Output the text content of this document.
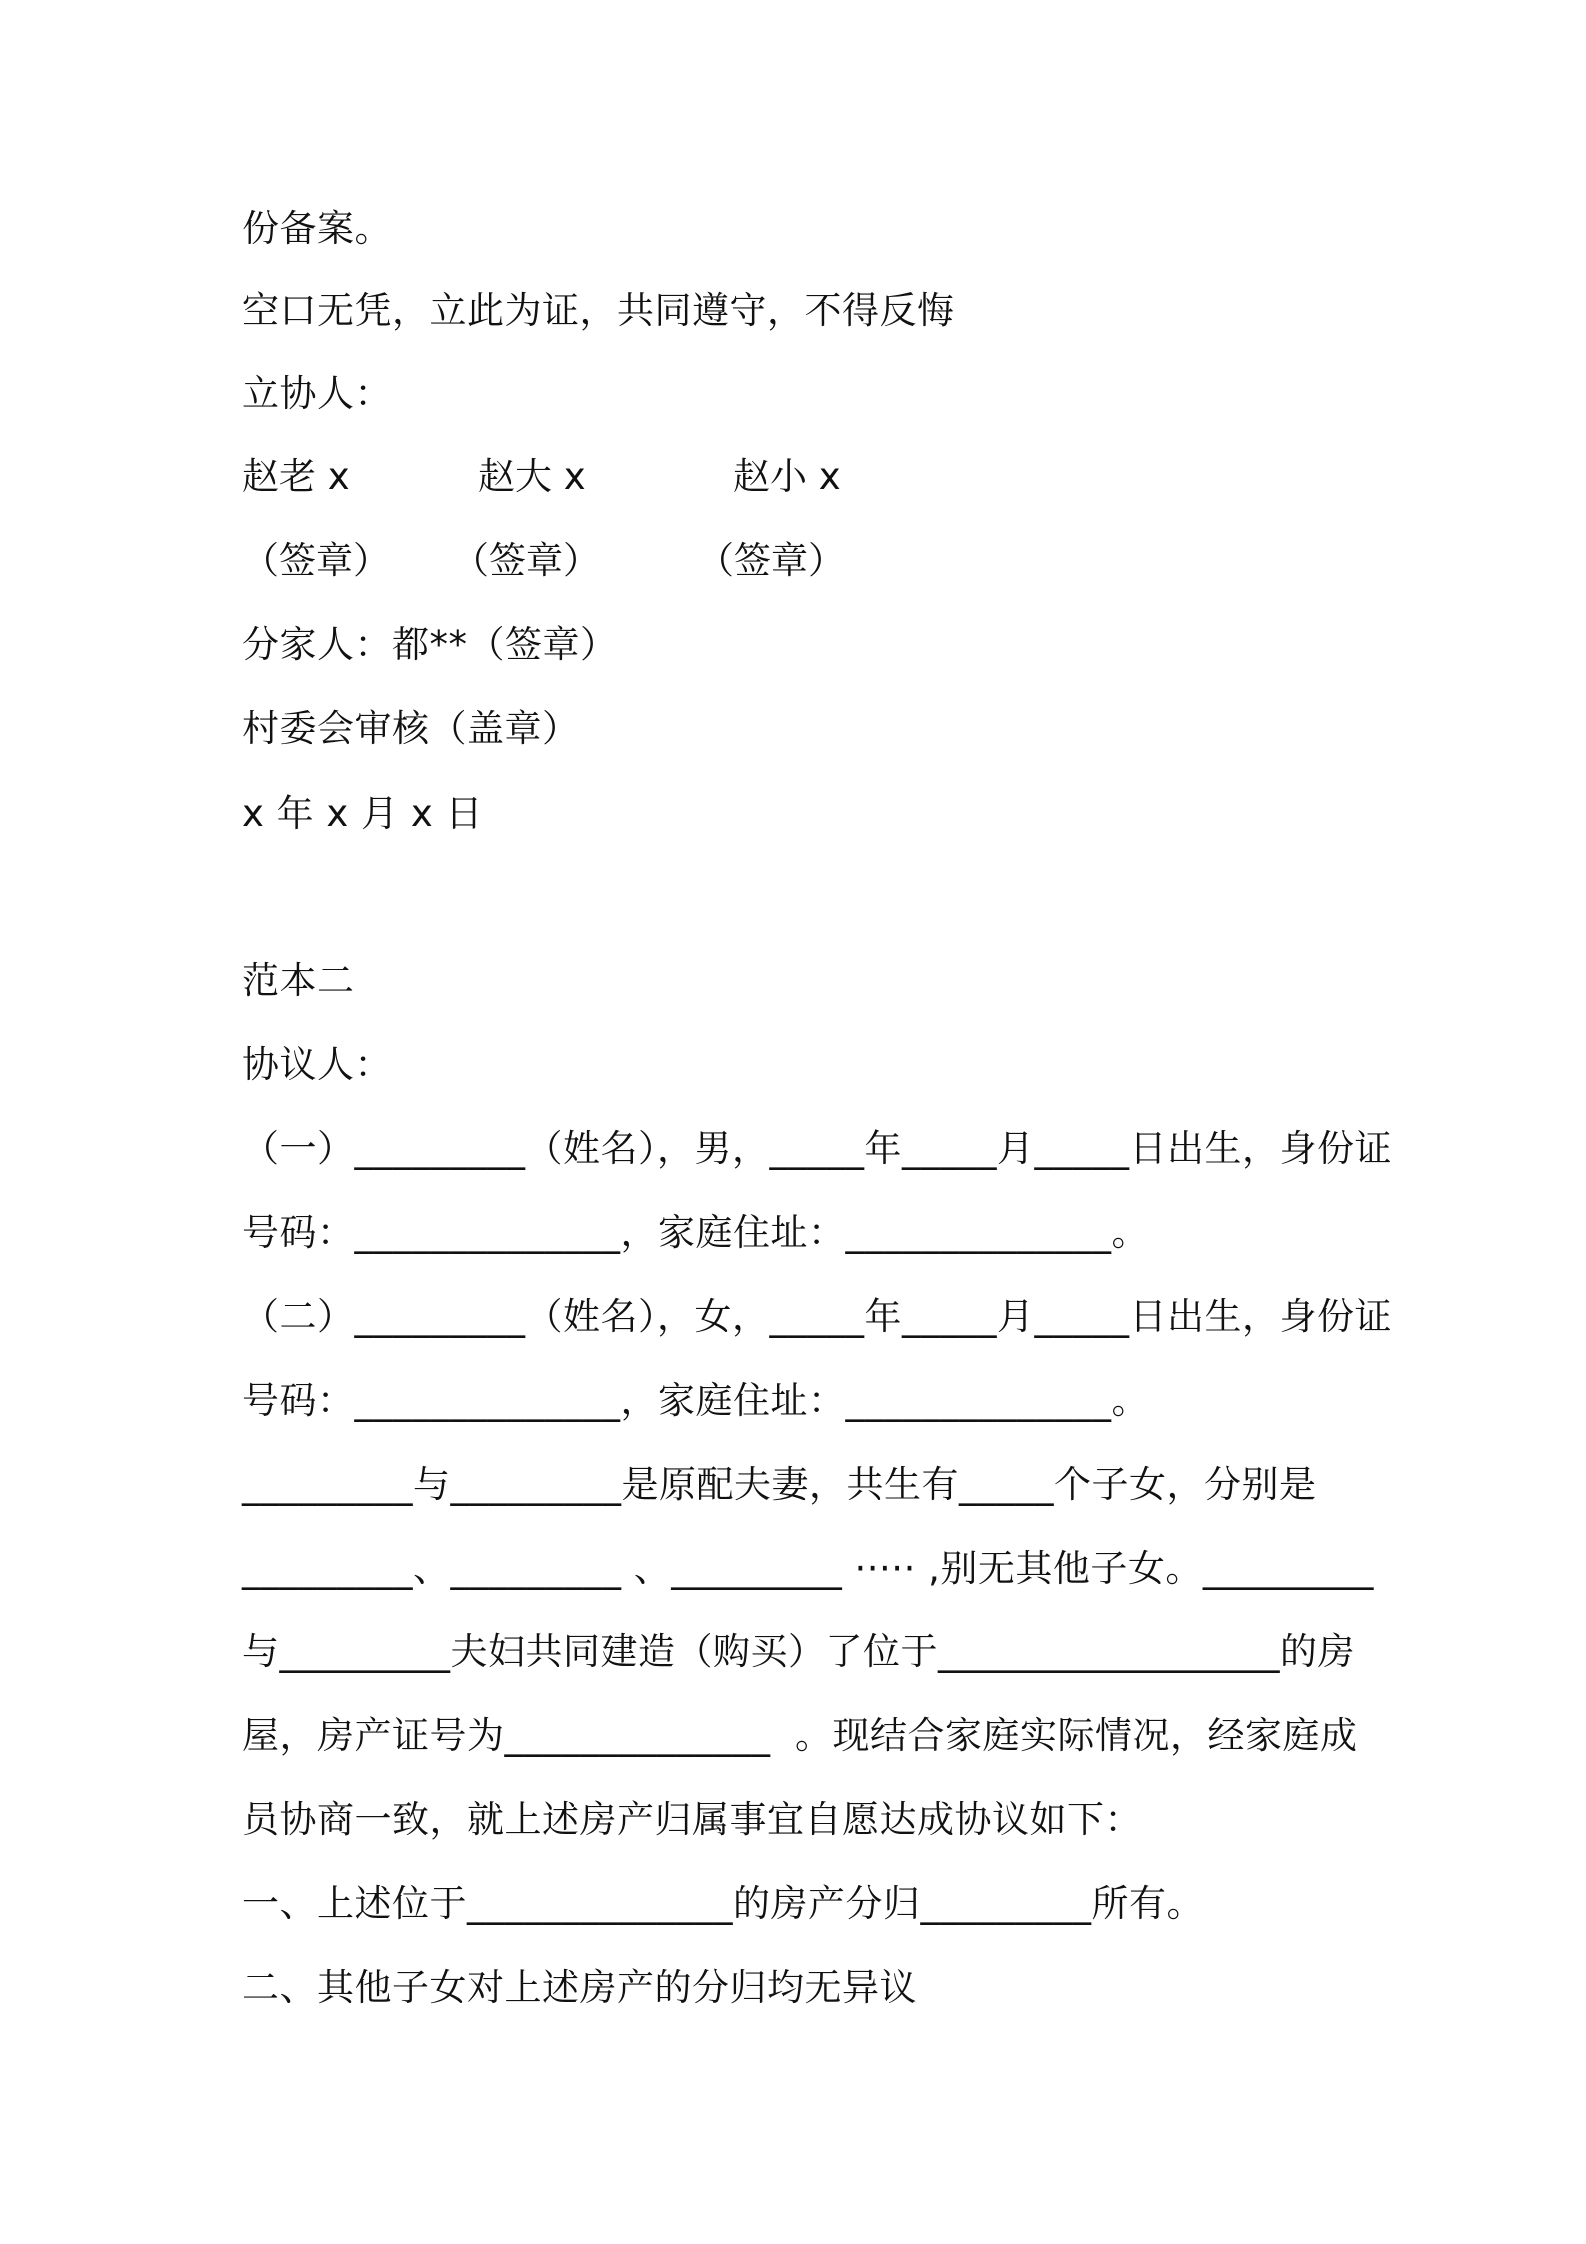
份备案。
空口无凭，立此为证，共同遵守，不得反悔
立协人：
赵老 x	赵大 x	赵小 x
（签章） （签章）	（签章）
分家人：都**（签章）
村委会审核（盖章）
x 年 x 月 x 日
范本二
协议人：
（一）_________（姓名），男，_____年_____月_____日出生，身份证
号码：______________，家庭住址：______________。
（二）_________（姓名），女，_____年_____月_____日出生，身份证
号码：______________，家庭住址：______________。
_________与_________是原配夫妻，共生有_____个子女，分别是
_________、_________ 、_________ ····· ,别无其他子女。_________
与_________夫妇共同建造（购买）了位于__________________的房
屋，房产证号为______________  。现结合家庭实际情况，经家庭成
员协商一致，就上述房产归属事宜自愿达成协议如下：
一、上述位于______________的房产分归_________所有。
二、其他子女对上述房产的分归均无异议
